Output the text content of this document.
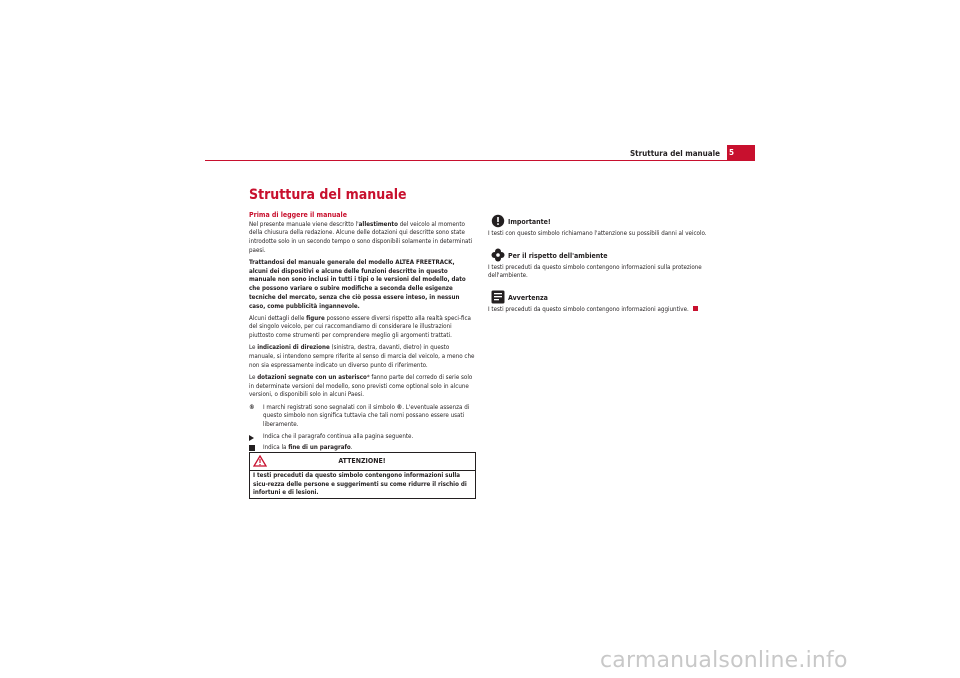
Struttura del manuale 5
Struttura del manuale
Prima di leggere il manuale

Nel presente manuale viene descritto l'allestimento del veicolo al momento della chiusura della redazione. Alcune delle dotazioni qui descritte sono state introdotte solo in un secondo tempo o sono disponibili solamente in determinati paesi.

Trattandosi del manuale generale del modello ALTEA FREETRACK, alcuni dei dispositivi e alcune delle funzioni descritte in questo manuale non sono inclusi in tutti i tipi o le versioni del modello, dato che possono variare o subire modifiche a seconda delle esigenze tecniche del mercato, senza che ciò possa essere inteso, in nessun caso, come pubblicità ingannevole.

Alcuni dettagli delle figure possono essere diversi rispetto alla realtà speci-fica del singolo veicolo, per cui raccomandiamo di considerare le illustrazioni piuttosto come strumenti per comprendere meglio gli argomenti trattati.

Le indicazioni di direzione (sinistra, destra, davanti, dietro) in questo manuale, si intendono sempre riferite al senso di marcia del veicolo, a meno che non sia espressamente indicato un diverso punto di riferimento.

Le dotazioni segnate con un asterisco* fanno parte del corredo di serie solo in determinate versioni del modello, sono previsti come optional solo in alcune versioni, o disponibili solo in alcuni Paesi.

® I marchi registrati sono segnalati con il simbolo ®. L'eventuale assenza di questo simbolo non significa tuttavia che tali nomi possano essere usati liberamente.
Indica che il paragrafo continua alla pagina seguente.
Indica la fine di un paragrafo.
ATTENZIONE!
I testi preceduti da questo simbolo contengono informazioni sulla sicu-rezza delle persone e suggerimenti su come ridurre il rischio di infortuni e di lesioni.
Importante!

I testi con questo simbolo richiamano l'attenzione su possibili danni al veicolo.

Per il rispetto dell'ambiente

I testi preceduti da questo simbolo contengono informazioni sulla protezione dell'ambiente.

Avvertenza

I testi preceduti da questo simbolo contengono informazioni aggiuntive.

carmanualsonline.info
